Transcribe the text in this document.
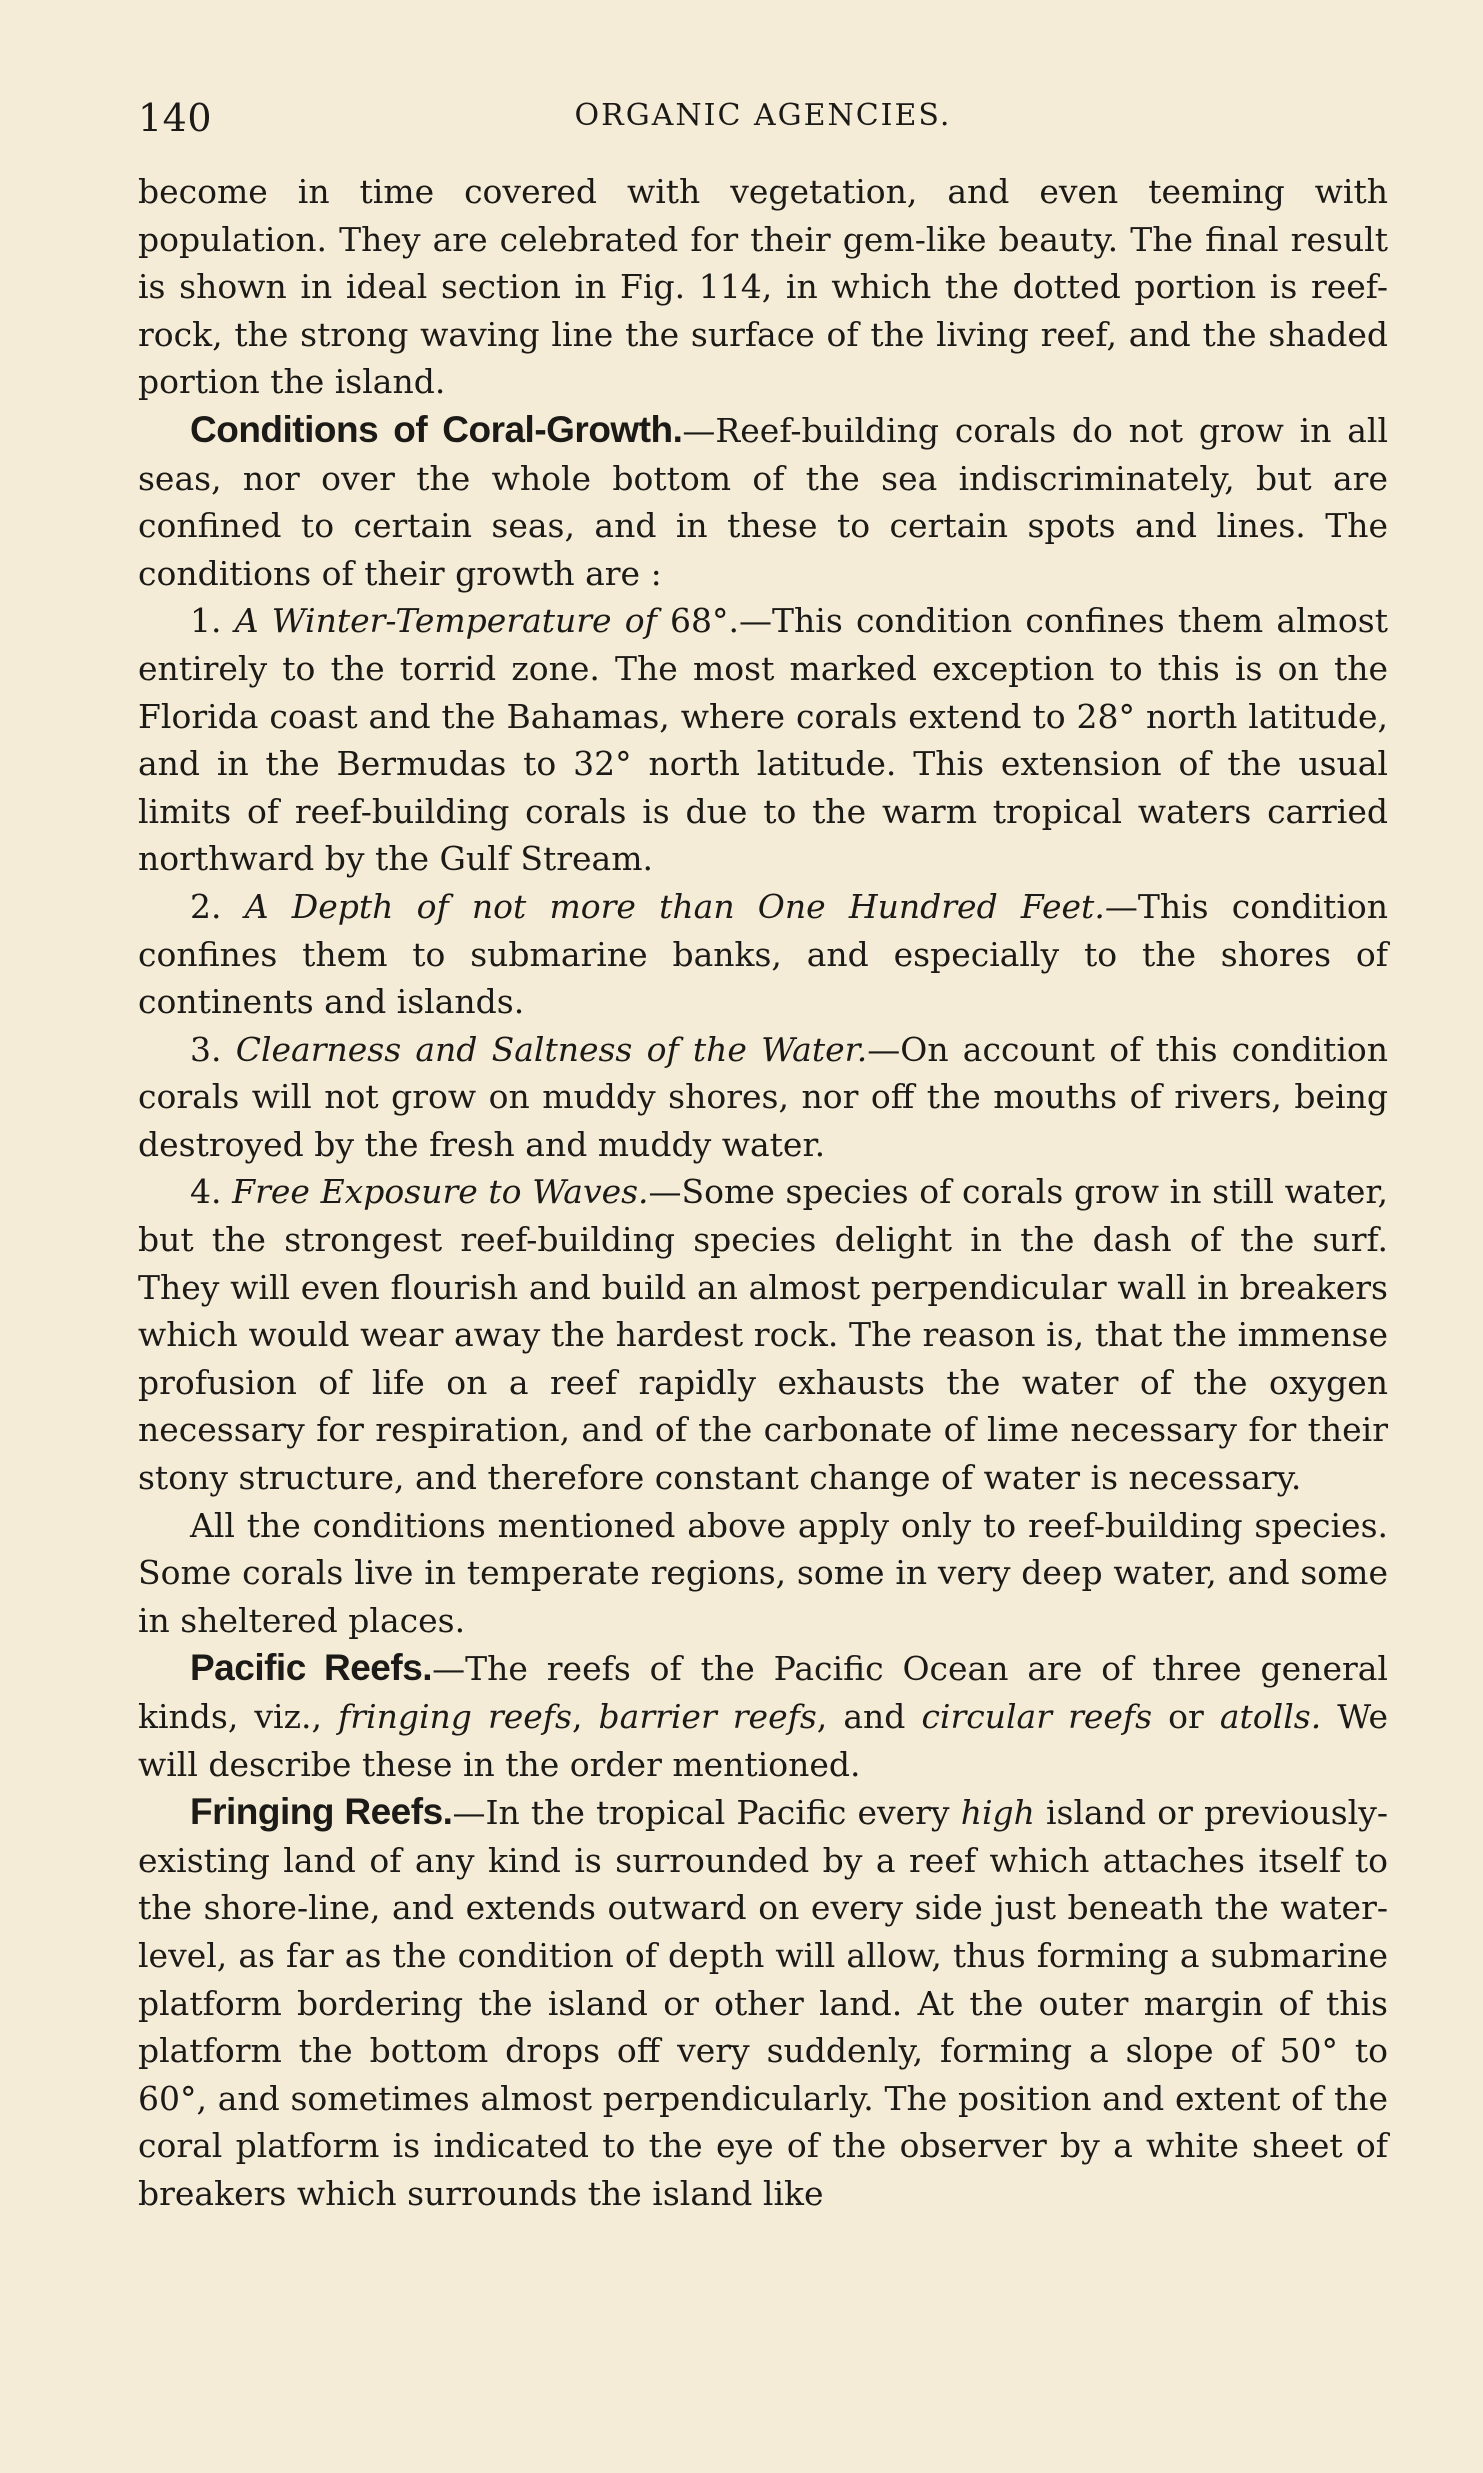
140	ORGANIC AGENCIES.

become in time covered with vegetation, and even teeming with population. They are celebrated for their gem-like beauty. The final result is shown in ideal section in Fig. 114, in which the dotted portion is reef-rock, the strong waving line the surface of the living reef, and the shaded portion the island.

Conditions of Coral-Growth.—Reef-building corals do not grow in all seas, nor over the whole bottom of the sea indiscriminately, but are confined to certain seas, and in these to certain spots and lines. The conditions of their growth are :

1. A Winter-Temperature of 68°.—This condition confines them almost entirely to the torrid zone. The most marked exception to this is on the Florida coast and the Bahamas, where corals extend to 28° north latitude, and in the Bermudas to 32° north latitude. This extension of the usual limits of reef-building corals is due to the warm tropical waters carried northward by the Gulf Stream.

2. A Depth of not more than One Hundred Feet.—This condition confines them to submarine banks, and especially to the shores of continents and islands.

3. Clearness and Saltness of the Water.—On account of this condition corals will not grow on muddy shores, nor off the mouths of rivers, being destroyed by the fresh and muddy water.

4. Free Exposure to Waves.—Some species of corals grow in still water, but the strongest reef-building species delight in the dash of the surf. They will even flourish and build an almost perpendicular wall in breakers which would wear away the hardest rock. The reason is, that the immense profusion of life on a reef rapidly exhausts the water of the oxygen necessary for respiration, and of the carbonate of lime necessary for their stony structure, and therefore constant change of water is necessary.

All the conditions mentioned above apply only to reef-building species. Some corals live in temperate regions, some in very deep water, and some in sheltered places.

Pacific Reefs.—The reefs of the Pacific Ocean are of three general kinds, viz., fringing reefs, barrier reefs, and circular reefs or atolls. We will describe these in the order mentioned.

Fringing Reefs.—In the tropical Pacific every high island or previously-existing land of any kind is surrounded by a reef which attaches itself to the shore-line, and extends outward on every side just beneath the water-level, as far as the condition of depth will allow, thus forming a submarine platform bordering the island or other land. At the outer margin of this platform the bottom drops off very suddenly, forming a slope of 50° to 60°, and sometimes almost perpendicularly. The position and extent of the coral platform is indicated to the eye of the observer by a white sheet of breakers which surrounds the island like
